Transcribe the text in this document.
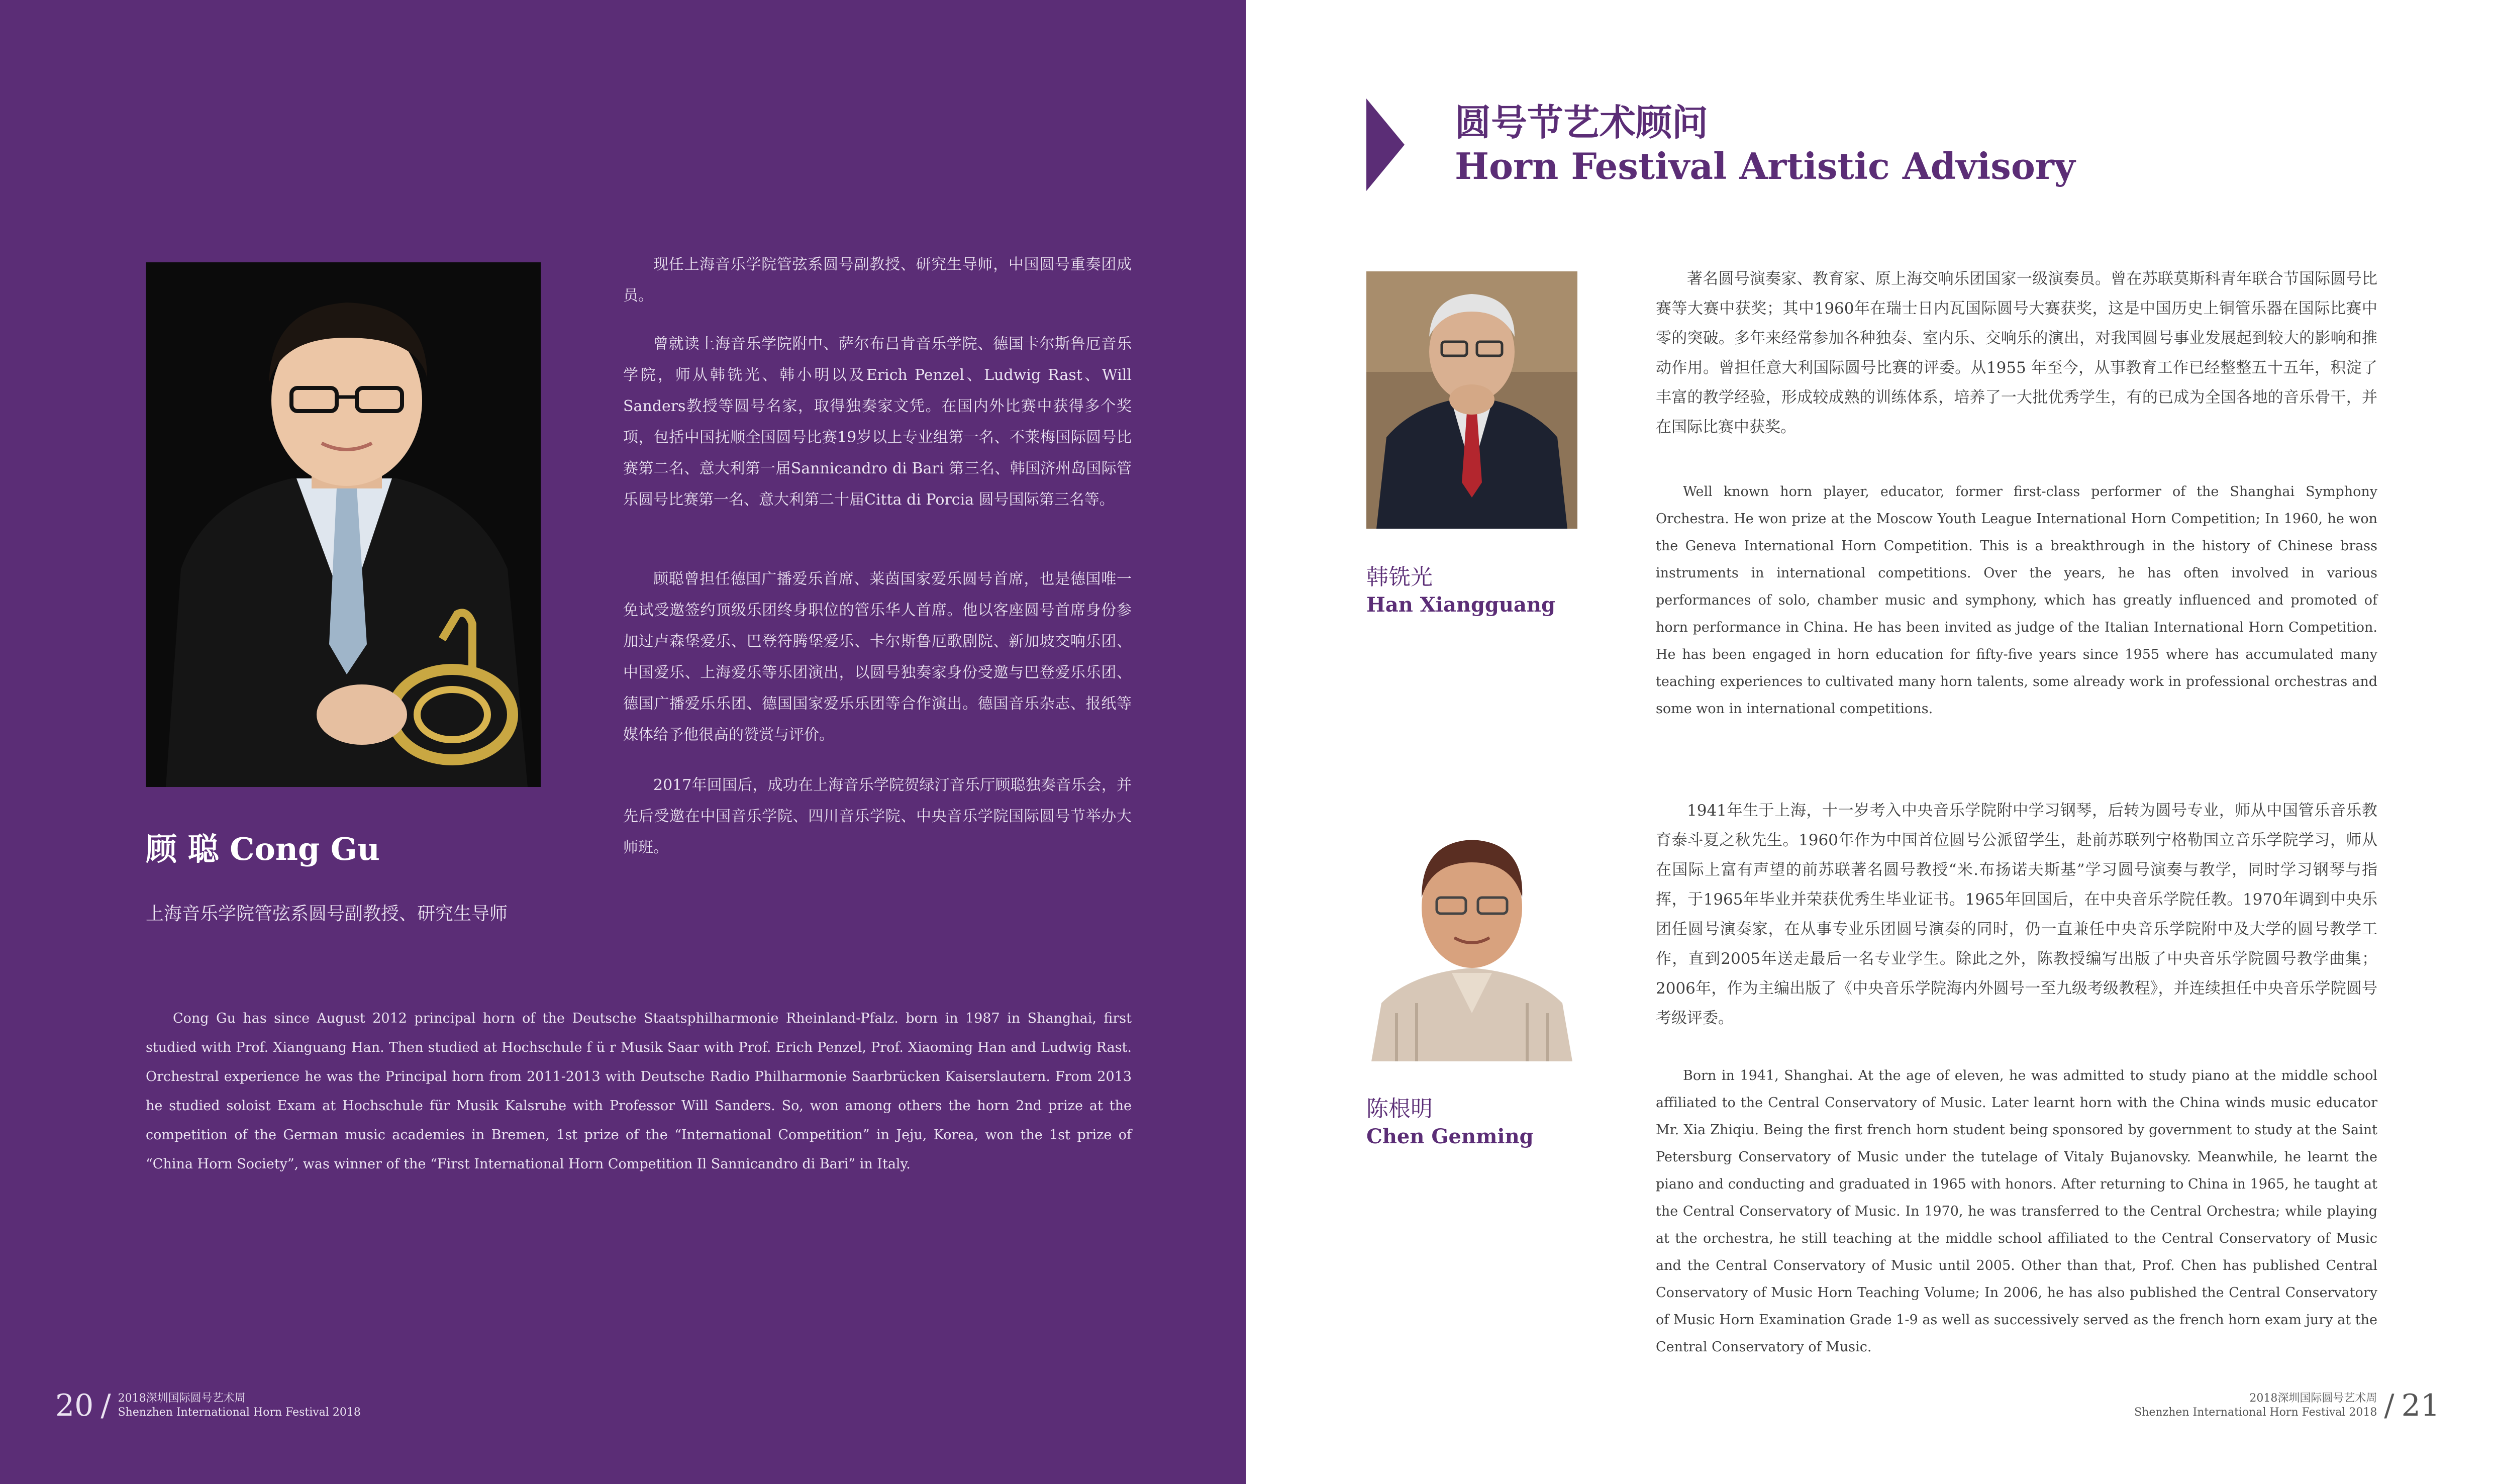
现任上海音乐学院管弦系圆号副教授、研究生导师，中国圆号重奏团成员。

曾就读上海音乐学院附中、萨尔布吕肯音乐学院、德国卡尔斯鲁厄音乐学院，师从韩铣光、韩小明以及Erich Penzel、Ludwig Rast、Will Sanders教授等圆号名家，取得独奏家文凭。在国内外比赛中获得多个奖项，包括中国抚顺全国圆号比赛19岁以上专业组第一名、不莱梅国际圆号比赛第二名、意大利第一届Sannicandro di Bari 第三名、韩国济州岛国际管乐圆号比赛第一名、意大利第二十届Citta di Porcia 圆号国际第三名等。

顾聪曾担任德国广播爱乐首席、莱茵国家爱乐圆号首席，也是德国唯一免试受邀签约顶级乐团终身职位的管乐华人首席。他以客座圆号首席身份参加过卢森堡爱乐、巴登符腾堡爱乐、卡尔斯鲁厄歌剧院、新加坡交响乐团、中国爱乐、上海爱乐等乐团演出，以圆号独奏家身份受邀与巴登爱乐乐团、德国广播爱乐乐团、德国国家爱乐乐团等合作演出。德国音乐杂志、报纸等媒体给予他很高的赞赏与评价。

2017年回国后，成功在上海音乐学院贺绿汀音乐厅顾聪独奏音乐会，并先后受邀在中国音乐学院、四川音乐学院、中央音乐学院国际圆号节举办大师班。

顾 聪 Cong Gu

上海音乐学院管弦系圆号副教授、研究生导师

Cong Gu has since August 2012 principal horn of the Deutsche Staatsphilharmonie Rheinland-Pfalz. born in 1987 in Shanghai, first studied with Prof. Xianguang Han. Then studied at Hochschule f ü r Musik Saar with Prof. Erich Penzel, Prof. Xiaoming Han and Ludwig Rast. Orchestral experience he was the Principal horn from 2011-2013 with Deutsche Radio Philharmonie Saarbrücken Kaiserslautern. From 2013 he studied soloist Exam at Hochschule für Musik Kalsruhe with Professor Will Sanders. So, won among others the horn 2nd prize at the competition of the German music academies in Bremen, 1st prize of the “International Competition” in Jeju, Korea, won the 1st prize of “China Horn Society”, was winner of the “First International Horn Competition Il Sannicandro di Bari” in Italy.

20 / 2018深圳国际圆号艺术周
Shenzhen International Horn Festival 2018
圆号节艺术顾问
Horn Festival Artistic Advisory

韩铣光

Han Xiangguang

著名圆号演奏家、教育家、原上海交响乐团国家一级演奏员。曾在苏联莫斯科青年联合节国际圆号比赛等大赛中获奖；其中1960年在瑞士日内瓦国际圆号大赛获奖，这是中国历史上铜管乐器在国际比赛中零的突破。多年来经常参加各种独奏、室内乐、交响乐的演出，对我国圆号事业发展起到较大的影响和推动作用。曾担任意大利国际圆号比赛的评委。从1955 年至今，从事教育工作已经整整五十五年，积淀了丰富的教学经验，形成较成熟的训练体系，培养了一大批优秀学生，有的已成为全国各地的音乐骨干，并在国际比赛中获奖。

Well known horn player, educator, former first-class performer of the Shanghai Symphony Orchestra. He won prize at the Moscow Youth League International Horn Competition; In 1960, he won the Geneva International Horn Competition. This is a breakthrough in the history of Chinese brass instruments in international competitions. Over the years, he has often involved in various performances of solo, chamber music and symphony, which has greatly influenced and promoted of horn performance in China. He has been invited as judge of the Italian International Horn Competition. He has been engaged in horn education for fifty-five years since 1955 where has accumulated many teaching experiences to cultivated many horn talents, some already work in professional orchestras and some won in international competitions.

陈根明

Chen Genming

1941年生于上海，十一岁考入中央音乐学院附中学习钢琴，后转为圆号专业，师从中国管乐音乐教育泰斗夏之秋先生。1960年作为中国首位圆号公派留学生，赴前苏联列宁格勒国立音乐学院学习，师从在国际上富有声望的前苏联著名圆号教授“米.布扬诺夫斯基”学习圆号演奏与教学，同时学习钢琴与指挥，于1965年毕业并荣获优秀生毕业证书。1965年回国后，在中央音乐学院任教。1970年调到中央乐团任圆号演奏家，在从事专业乐团圆号演奏的同时，仍一直兼任中央音乐学院附中及大学的圆号教学工作，直到2005年送走最后一名专业学生。除此之外，陈教授编写出版了中央音乐学院圆号教学曲集；2006年，作为主编出版了《中央音乐学院海内外圆号一至九级考级教程》，并连续担任中央音乐学院圆号考级评委。

Born in 1941, Shanghai. At the age of eleven, he was admitted to study piano at the middle school affiliated to the Central Conservatory of Music. Later learnt horn with the China winds music educator Mr. Xia Zhiqiu. Being the first french horn student being sponsored by government to study at the Saint Petersburg Conservatory of Music under the tutelage of Vitaly Bujanovsky. Meanwhile, he learnt the piano and conducting and graduated in 1965 with honors. After returning to China in 1965, he taught at the Central Conservatory of Music. In 1970, he was transferred to the Central Orchestra; while playing at the orchestra, he still teaching at the middle school affiliated to the Central Conservatory of Music and the Central Conservatory of Music until 2005. Other than that, Prof. Chen has published Central Conservatory of Music Horn Teaching Volume; In 2006, he has also published the Central Conservatory of Music Horn Examination Grade 1-9 as well as successively served as the french horn exam jury at the Central Conservatory of Music.

2018深圳国际圆号艺术周
Shenzhen International Horn Festival 2018 / 21
